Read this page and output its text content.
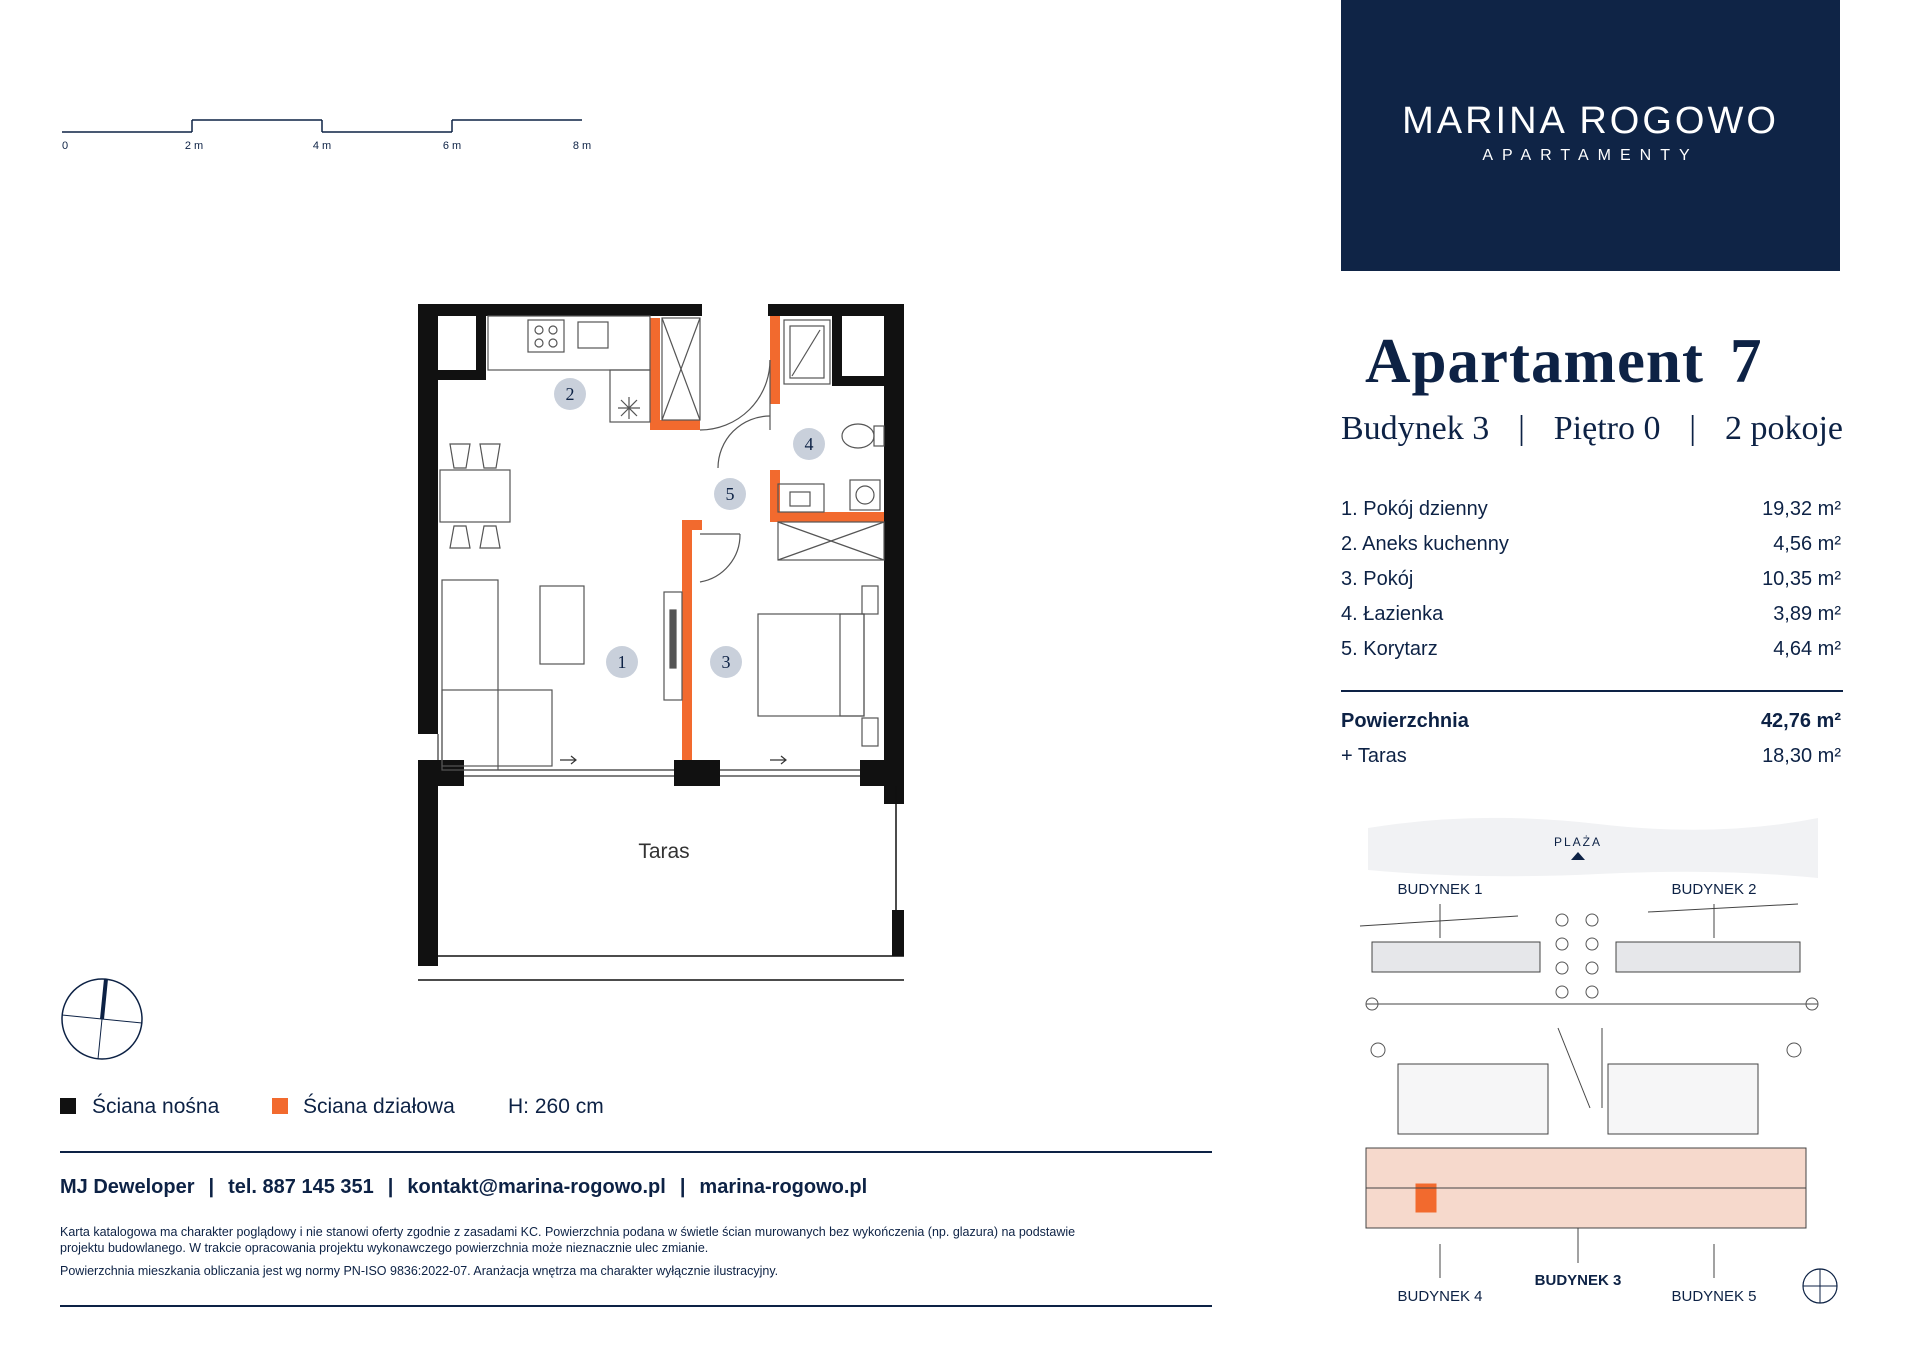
0	2 m	4 m	6 m	8 m
MARINA ROGOWO
APARTAMENTY
Apartament 7
Budynek 3 | Piętro 0 | 2 pokoje
1. Pokój dzienny	19,32 m²
2. Aneks kuchenny	4,56 m²
3. Pokój	10,35 m²
4. Łazienka	3,89 m²
5. Korytarz	4,64 m²
Powierzchnia	42,76 m²
+ Taras	18,30 m²
1
2
3
4
5
Taras
Ściana nośna	Ściana działowa	H: 260 cm
MJ Deweloper | tel. 887 145 351 | kontakt@marina-rogowo.pl | marina-rogowo.pl

Karta katalogowa ma charakter poglądowy i nie stanowi oferty zgodnie z zasadami KC. Powierzchnia podana w świetle ścian murowanych bez wykończenia (np. glazura) na podstawie

projektu budowlanego. W trakcie opracowania projektu wykonawczego powierzchnia może nieznacznie ulec zmianie.

Powierzchnia mieszkania obliczania jest wg normy PN-ISO 9836:2022-07. Aranżacja wnętrza ma charakter wyłącznie ilustracyjny.

PLAŻA
BUDYNEK 1	BUDYNEK 2
BUDYNEK 3
BUDYNEK 4	BUDYNEK 5
